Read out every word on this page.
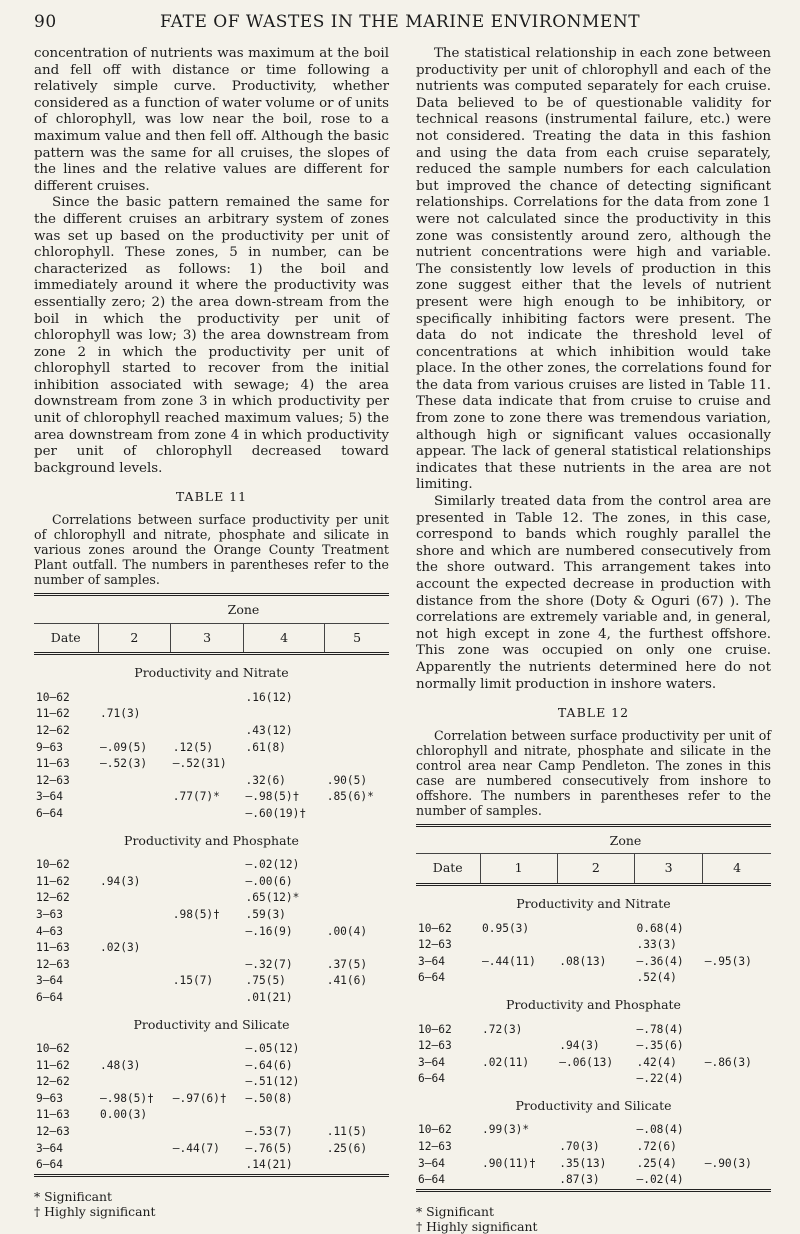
90	FATE OF WASTES IN THE MARINE ENVIRONMENT

concentration of nutrients was maximum at the boil and fell off with distance or time following a relatively simple curve. Productivity, whether considered as a function of water volume or of units of chlorophyll, was low near the boil, rose to a maximum value and then fell off. Although the basic pattern was the same for all cruises, the slopes of the lines and the relative values are different for different cruises.

Since the basic pattern remained the same for the different cruises an arbitrary system of zones was set up based on the productivity per unit of chlorophyll. These zones, 5 in number, can be characterized as follows: 1) the boil and immediately around it where the productivity was essentially zero; 2) the area down-stream from the boil in which the productivity per unit of chlorophyll was low; 3) the area downstream from zone 2 in which the productivity per unit of chlorophyll started to recover from the initial inhibition associated with sewage; 4) the area downstream from zone 3 in which productivity per unit of chlorophyll reached maximum values; 5) the area downstream from zone 4 in which productivity per unit of chlorophyll decreased toward background levels.

TABLE 11

Correlations between surface productivity per unit of chlorophyll and nitrate, phosphate and silicate in various zones around the Orange County Treatment Plant outfall. The numbers in parentheses refer to the number of samples.

	Zone			
Date	2	3	4	5
Productivity and Nitrate				
10–62			.16(12)	
11–62	.71(3)			
12–62			.43(12)	
9–63	—.09(5)	.12(5)	.61(8)	
11–63	—.52(3)	—.52(31)		
12–63			.32(6)	.90(5)
3–64		.77(7)*	—.98(5)†	.85(6)*
6–64			—.60(19)†	
Productivity and Phosphate				
10–62			—.02(12)	
11–62	.94(3)		—.00(6)	
12–62			.65(12)*	
3–63		.98(5)†	.59(3)	
4–63			—.16(9)	.00(4)
11–63	.02(3)			
12–63			—.32(7)	.37(5)
3–64		.15(7)	.75(5)	.41(6)
6–64			.01(21)	
Productivity and Silicate				
10–62			—.05(12)	
11–62	.48(3)		—.64(6)	
12–62			—.51(12)	
9–63	—.98(5)†	—.97(6)†	—.50(8)	
11–63	0.00(3)			
12–63			—.53(7)	.11(5)
3–64		—.44(7)	—.76(5)	.25(6)
6–64			.14(21)	

* Significant
† Highly significant

The statistical relationship in each zone between productivity per unit of chlorophyll and each of the nutrients was computed separately for each cruise. Data believed to be of questionable validity for technical reasons (instrumental failure, etc.) were not considered. Treating the data in this fashion and using the data from each cruise separately, reduced the sample numbers for each calculation but improved the chance of detecting significant relationships. Correlations for the data from zone 1 were not calculated since the productivity in this zone was consistently around zero, although the nutrient concentrations were high and variable. The consistently low levels of production in this zone suggest either that the levels of nutrient present were high enough to be inhibitory, or specifically inhibiting factors were present. The data do not indicate the threshold level of concentrations at which inhibition would take place. In the other zones, the correlations found for the data from various cruises are listed in Table 11. These data indicate that from cruise to cruise and from zone to zone there was tremendous variation, although high or significant values occasionally appear. The lack of general statistical relationships indicates that these nutrients in the area are not limiting.

Similarly treated data from the control area are presented in Table 12. The zones, in this case, correspond to bands which roughly parallel the shore and which are numbered consecutively from the shore outward. This arrangement takes into account the expected decrease in production with distance from the shore (Doty & Oguri (67) ). The correlations are extremely variable and, in general, not high except in zone 4, the furthest offshore. This zone was occupied on only one cruise. Apparently the nutrients determined here do not normally limit production in inshore waters.

TABLE 12

Correlation between surface productivity per unit of chlorophyll and nitrate, phosphate and silicate in the control area near Camp Pendleton. The zones in this case are numbered consecutively from inshore to offshore. The numbers in parentheses refer to the number of samples.

	Zone			
Date	1	2	3	4
Productivity and Nitrate				
10–62	0.95(3)		0.68(4)	
12–63			.33(3)	
3–64	—.44(11)	.08(13)	—.36(4)	—.95(3)
6–64			.52(4)	
Productivity and Phosphate				
10–62	.72(3)		—.78(4)	
12–63		.94(3)	—.35(6)	
3–64	.02(11)	—.06(13)	.42(4)	—.86(3)
6–64			—.22(4)	
Productivity and Silicate				
10–62	.99(3)*		—.08(4)	
12–63		.70(3)	.72(6)	
3–64	.90(11)†	.35(13)	.25(4)	—.90(3)
6–64		.87(3)	—.02(4)	

* Significant
† Highly significant
